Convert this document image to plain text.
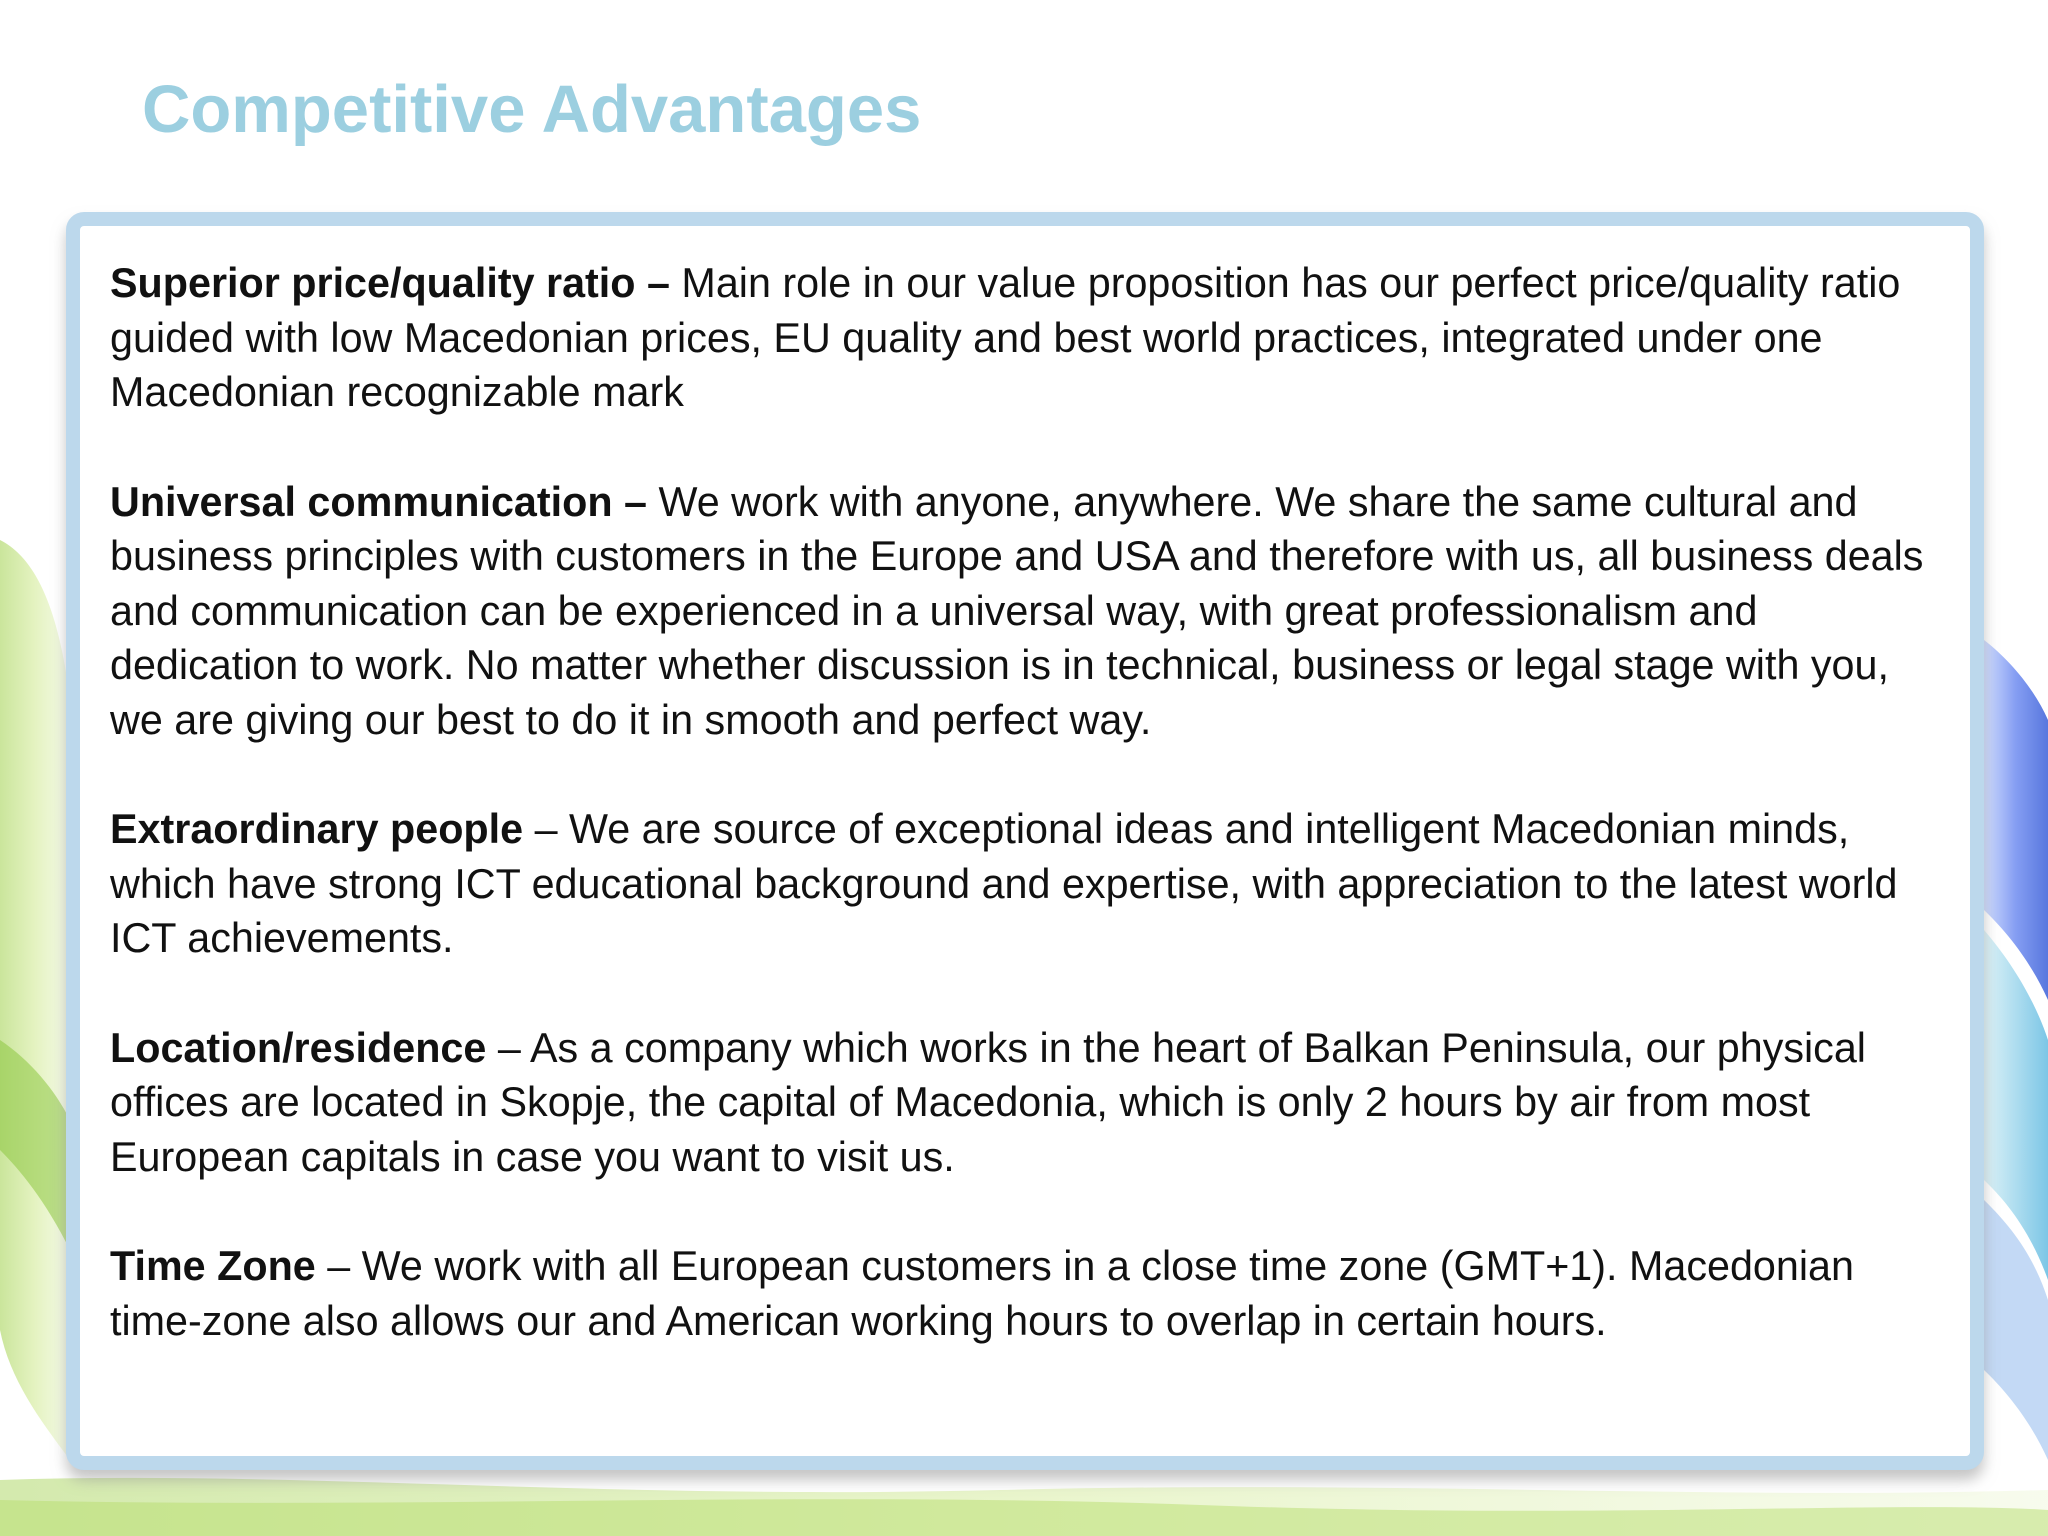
Competitive Advantages

Superior price/quality ratio – Main role in our value proposition has our perfect price/quality ratio guided with low Macedonian prices, EU quality and best world practices, integrated under one Macedonian recognizable mark

Universal communication – We work with anyone, anywhere. We share the same cultural and business principles with customers in the Europe and USA and therefore with us, all business deals and communication can be experienced in a universal way, with great professionalism and dedication to work. No matter whether discussion is in technical, business or legal stage with you, we are giving our best to do it in smooth and perfect way.

Extraordinary people – We are source of exceptional ideas and intelligent Macedonian minds, which have strong ICT educational background and expertise, with appreciation to the latest world ICT achievements.

Location/residence – As a company which works in the heart of Balkan Peninsula, our physical offices are located in Skopje, the capital of Macedonia, which is only 2 hours by air from most European capitals in case you want to visit us.

Time Zone – We work with all European customers in a close time zone (GMT+1). Macedonian time-zone also allows our and American working hours to overlap in certain hours.
